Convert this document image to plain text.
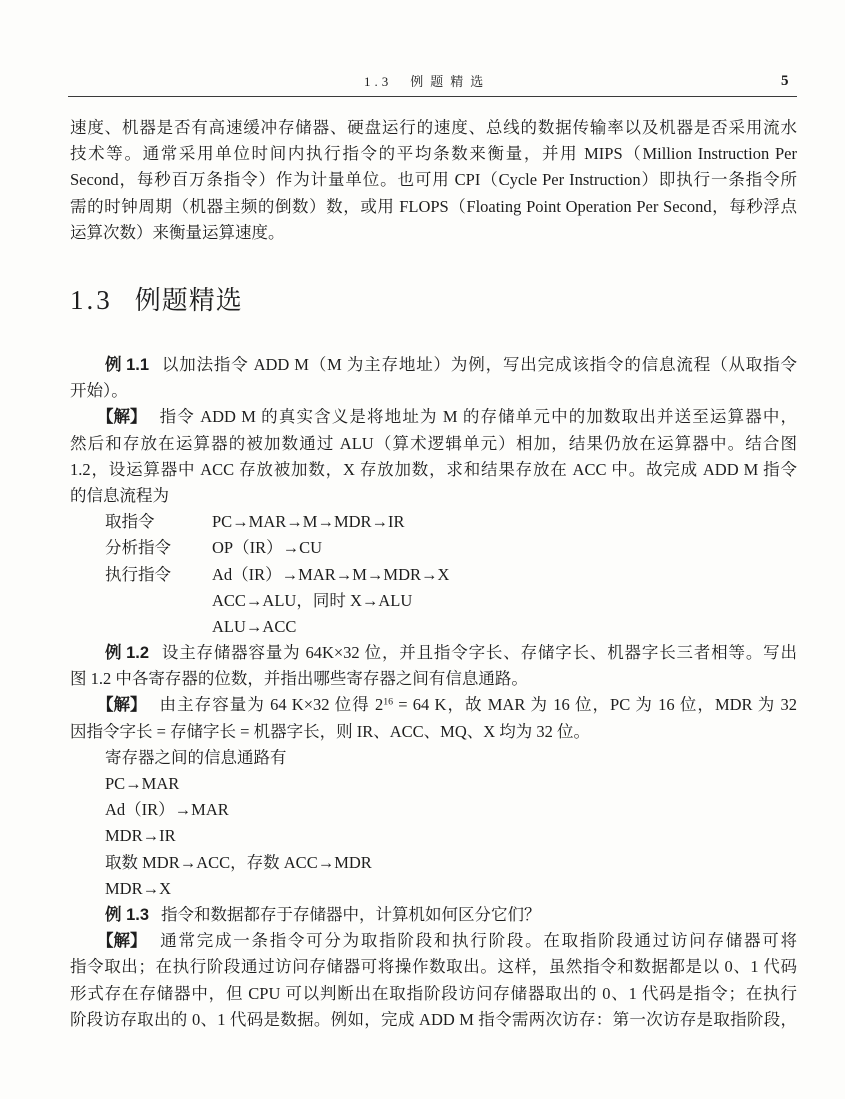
1.3 例题精选	5
速度、机器是否有高速缓冲存储器、硬盘运行的速度、总线的数据传输率以及机器是否采用流水
技术等。通常采用单位时间内执行指令的平均条数来衡量，并用 MIPS（Million Instruction Per
Second，每秒百万条指令）作为计量单位。也可用 CPI（Cycle Per Instruction）即执行一条指令所
需的时钟周期（机器主频的倒数）数，或用 FLOPS（Floating Point Operation Per Second，每秒浮点
运算次数）来衡量运算速度。
1.3 例题精选
例 1.1 以加法指令 ADD M（M 为主存地址）为例，写出完成该指令的信息流程（从取指令
开始）。
【解】 指令 ADD M 的真实含义是将地址为 M 的存储单元中的加数取出并送至运算器中，
然后和存放在运算器的被加数通过 ALU（算术逻辑单元）相加，结果仍放在运算器中。结合图
1.2，设运算器中 ACC 存放被加数，X 存放加数，求和结果存放在 ACC 中。故完成 ADD M 指令
的信息流程为
取指令	PC→MAR→M→MDR→IR
分析指令 OP（IR）→CU
执行指令 Ad（IR）→MAR→M→MDR→X
ACC→ALU，同时 X→ALU
ALU→ACC
例 1.2 设主存储器容量为 64K×32 位，并且指令字长、存储字长、机器字长三者相等。写出
图 1.2 中各寄存器的位数，并指出哪些寄存器之间有信息通路。
【解】 由主存容量为 64 K×32 位得 $2^{16} = 64$ K，故 MAR 为 16 位，PC 为 16 位，MDR 为 32
因指令字长 = 存储字长 = 机器字长，则 IR、ACC、MQ、X 均为 32 位。
寄存器之间的信息通路有
PC→MAR
Ad（IR）→MAR
MDR→IR
取数 MDR→ACC，存数 ACC→MDR
MDR→X
例 1.3 指令和数据都存于存储器中，计算机如何区分它们？
【解】 通常完成一条指令可分为取指阶段和执行阶段。在取指阶段通过访问存储器可将
指令取出；在执行阶段通过访问存储器可将操作数取出。这样，虽然指令和数据都是以 0、1 代码
形式存在存储器中，但 CPU 可以判断出在取指阶段访问存储器取出的 0、1 代码是指令；在执行
阶段访存取出的 0、1 代码是数据。例如，完成 ADD M 指令需两次访存：第一次访存是取指阶段，
